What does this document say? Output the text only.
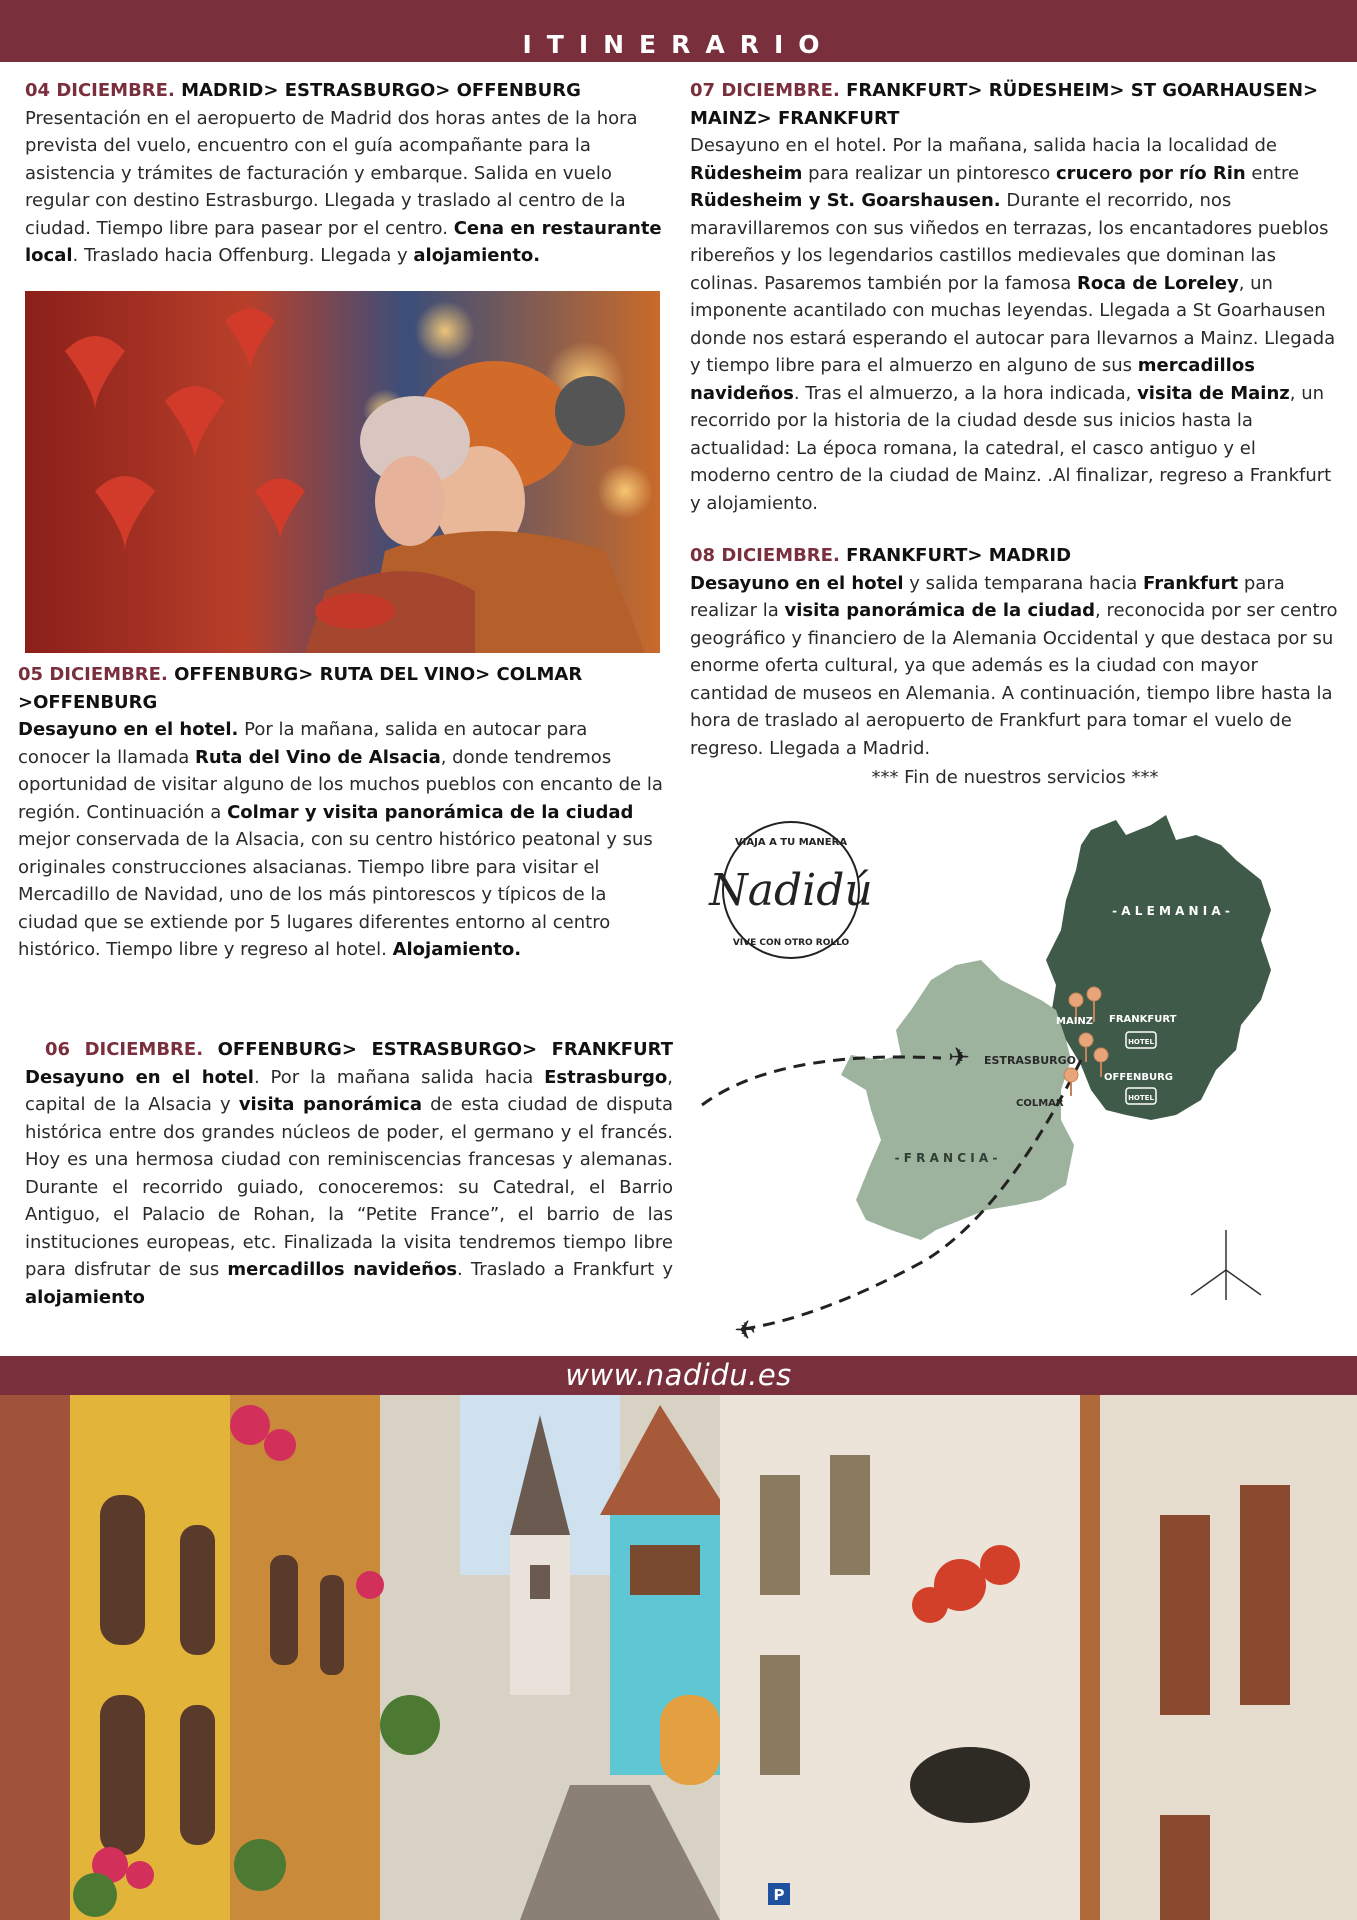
ITINERARIO

04 DICIEMBRE. MADRID> ESTRASBURGO> OFFENBURG

Presentación en el aeropuerto de Madrid dos horas antes de la hora prevista del vuelo, encuentro con el guía acompañante para la asistencia y trámites de facturación y embarque. Salida en vuelo regular con destino Estrasburgo. Llegada y traslado al centro de la ciudad. Tiempo libre para pasear por el centro. Cena en restaurante local. Traslado hacia Offenburg. Llegada y alojamiento.

05 DICIEMBRE. OFFENBURG> RUTA DEL VINO> COLMAR >OFFENBURG

Desayuno en el hotel. Por la mañana, salida en autocar para conocer la llamada Ruta del Vino de Alsacia, donde tendremos oportunidad de visitar alguno de los muchos pueblos con encanto de la región. Continuación a Colmar y visita panorámica de la ciudad mejor conservada de la Alsacia, con su centro histórico peatonal y sus originales construcciones alsacianas. Tiempo libre para visitar el Mercadillo de Navidad, uno de los más pintorescos y típicos de la ciudad que se extiende por 5 lugares diferentes entorno al centro histórico. Tiempo libre y regreso al hotel. Alojamiento.

06 DICIEMBRE. OFFENBURG> ESTRASBURGO> FRANKFURT

Desayuno en el hotel. Por la mañana salida hacia Estrasburgo, capital de la Alsacia y visita panorámica de esta ciudad de disputa histórica entre dos grandes núcleos de poder, el germano y el francés. Hoy es una hermosa ciudad con reminiscencias francesas y alemanas. Durante el recorrido guiado, conoceremos: su Catedral, el Barrio Antiguo, el Palacio de Rohan, la “Petite France”, el barrio de las instituciones europeas, etc. Finalizada la visita tendremos tiempo libre para disfrutar de sus mercadillos navideños. Traslado a Frankfurt y alojamiento

07 DICIEMBRE. FRANKFURT> RÜDESHEIM> ST GOARHAUSEN> MAINZ> FRANKFURT

Desayuno en el hotel. Por la mañana, salida hacia la localidad de Rüdesheim para realizar un pintoresco crucero por río Rin entre Rüdesheim y St. Goarshausen. Durante el recorrido, nos maravillaremos con sus viñedos en terrazas, los encantadores pueblos ribereños y los legendarios castillos medievales que dominan las colinas. Pasaremos también por la famosa Roca de Loreley, un imponente acantilado con muchas leyendas. Llegada a St Goarhausen donde nos estará esperando el autocar para llevarnos a Mainz. Llegada y tiempo libre para el almuerzo en alguno de sus mercadillos navideños. Tras el almuerzo, a la hora indicada, visita de Mainz, un recorrido por la historia de la ciudad desde sus inicios hasta la actualidad: La época romana, la catedral, el casco antiguo y el moderno centro de la ciudad de Mainz. .Al finalizar, regreso a Frankfurt y alojamiento.

08 DICIEMBRE. FRANKFURT> MADRID

Desayuno en el hotel y salida temparana hacia Frankfurt para realizar la visita panorámica de la ciudad, reconocida por ser centro geográfico y financiero de la Alemania Occidental y que destaca por su enorme oferta cultural, ya que además es la ciudad con mayor cantidad de museos en Alemania. A continuación, tiempo libre hasta la hora de traslado al aeropuerto de Frankfurt para tomar el vuelo de regreso. Llegada a Madrid.

*** Fin de nuestros servicios ***

VIAJA A TU MANERA
Nadidú
VIVE CON OTRO ROLLO
- A L E M A N I A -
- F R A N C I A -
✈
✈
MAINZ FRANKFURT
ESTRASBURGO
OFFENBURG
COLMAR
HOTEL
HOTEL
www.nadidu.es
P
